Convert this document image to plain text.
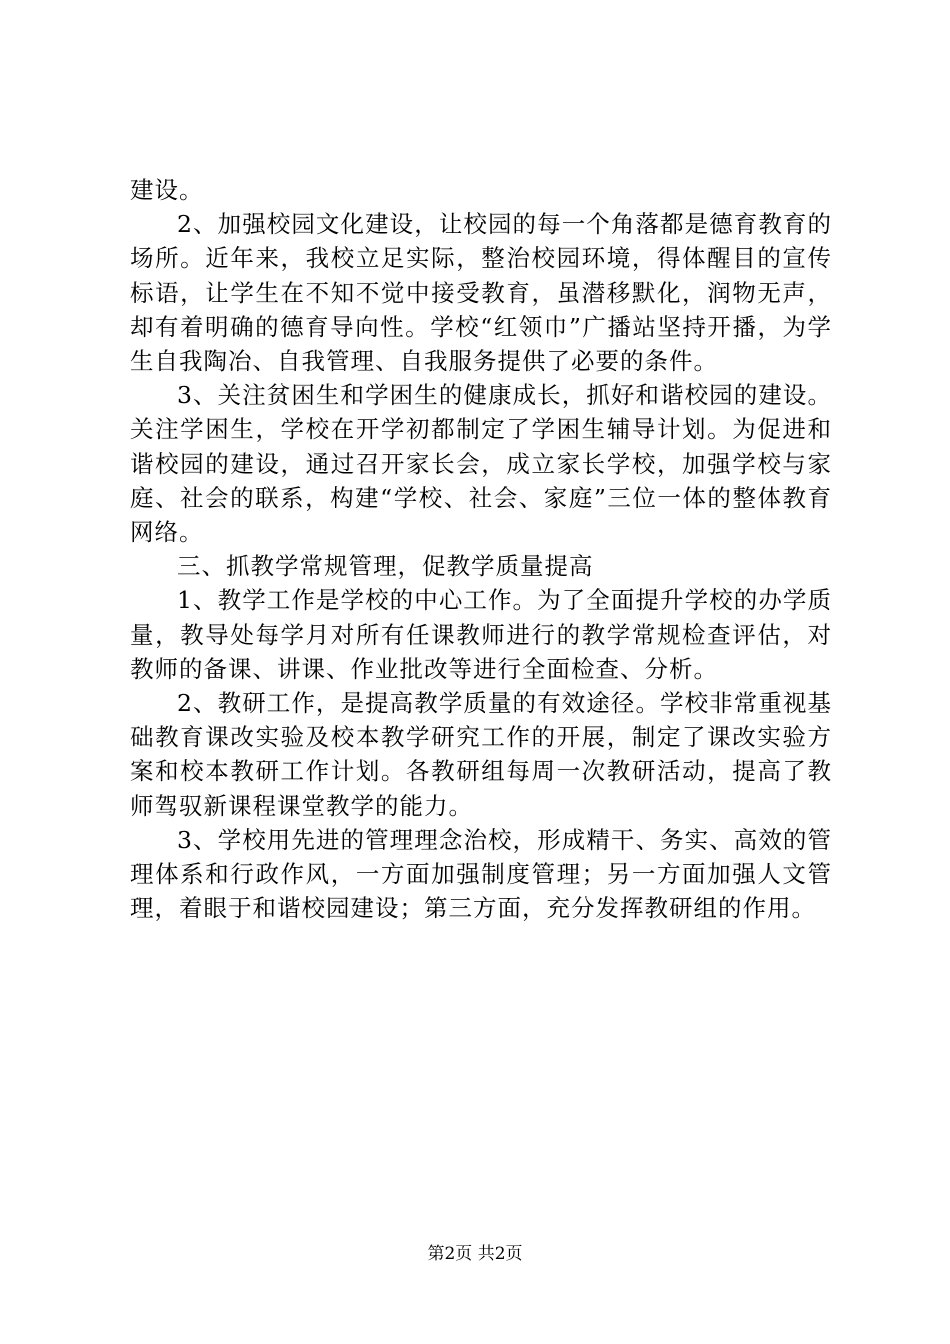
建设。

2、加强校园文化建设，让校园的每一个角落都是德育教育的场所。近年来，我校立足实际，整治校园环境，得体醒目的宣传标语，让学生在不知不觉中接受教育，虽潜移默化，润物无声，却有着明确的德育导向性。学校“红领巾”广播站坚持开播，为学生自我陶冶、自我管理、自我服务提供了必要的条件。

3、关注贫困生和学困生的健康成长，抓好和谐校园的建设。关注学困生，学校在开学初都制定了学困生辅导计划。为促进和谐校园的建设，通过召开家长会，成立家长学校，加强学校与家庭、社会的联系，构建“学校、社会、家庭”三位一体的整体教育网络。

三、抓教学常规管理，促教学质量提高

1、教学工作是学校的中心工作。为了全面提升学校的办学质量，教导处每学月对所有任课教师进行的教学常规检查评估，对教师的备课、讲课、作业批改等进行全面检查、分析。

2、教研工作，是提高教学质量的有效途径。学校非常重视基础教育课改实验及校本教学研究工作的开展，制定了课改实验方案和校本教研工作计划。各教研组每周一次教研活动，提高了教师驾驭新课程课堂教学的能力。

3、学校用先进的管理理念治校，形成精干、务实、高效的管理体系和行政作风，一方面加强制度管理；另一方面加强人文管理，着眼于和谐校园建设；第三方面，充分发挥教研组的作用。

第2页 共2页
